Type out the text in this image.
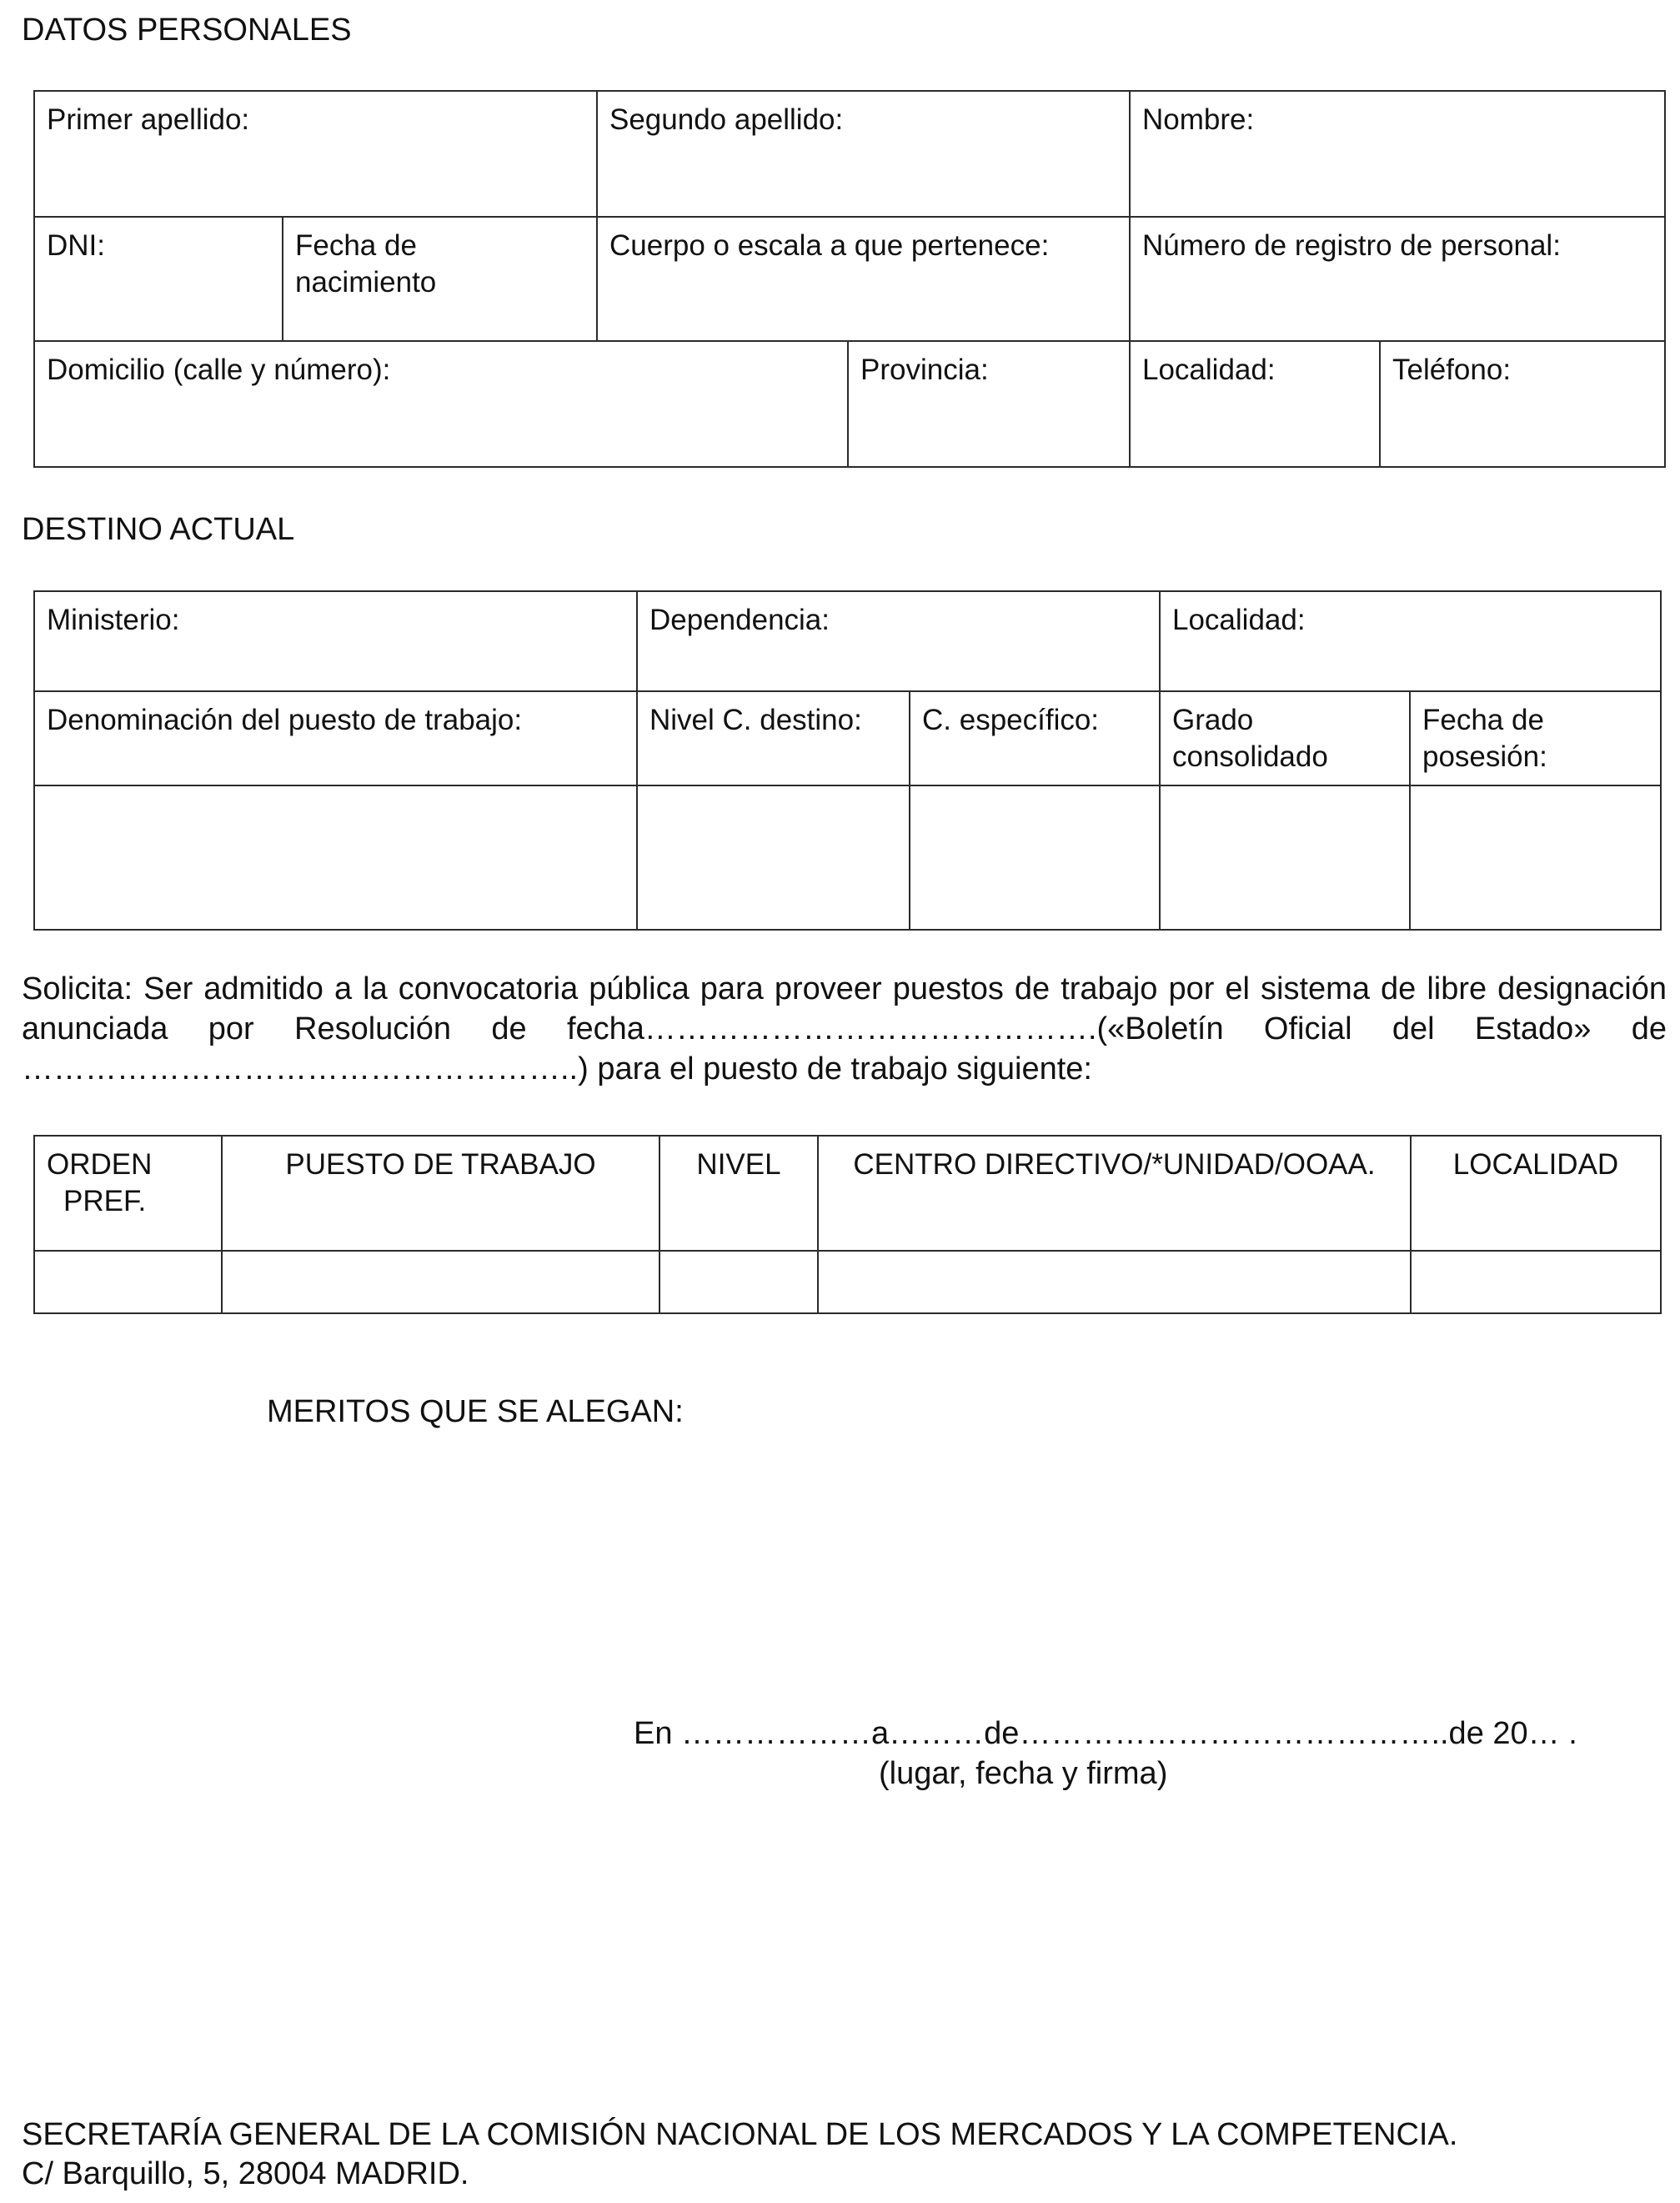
DATOS PERSONALES
Primer apellido:		Segundo apellido:		Nombre:	
DNI:	Fecha de nacimiento	Cuerpo o escala a que pertenece:		Número de registro de personal:	
Domicilio (calle y número):			Provincia:	Localidad:	Teléfono:
DESTINO ACTUAL
Ministerio:	Dependencia:		Localidad:	
Denominación del puesto de trabajo:	Nivel C. destino:	C. específico:	Grado consolidado	Fecha de posesión:

Solicita: Ser admitido a la convocatoria pública para proveer puestos de trabajo por el sistema de libre designación anunciada por Resolución de fecha…………………………………….(«Boletín Oficial del Estado» de ……………………………………………..) para el puesto de trabajo siguiente:
ORDEN
PREF.	PUESTO DE TRABAJO	NIVEL	CENTRO DIRECTIVO/*UNIDAD/OOAA.	LOCALIDAD

MERITOS QUE SE ALEGAN:
En ………………a………de…………………………………..de 20… .
(lugar, fecha y firma)
SECRETARÍA GENERAL DE LA COMISIÓN NACIONAL DE LOS MERCADOS Y LA COMPETENCIA.
C/ Barquillo, 5, 28004 MADRID.
